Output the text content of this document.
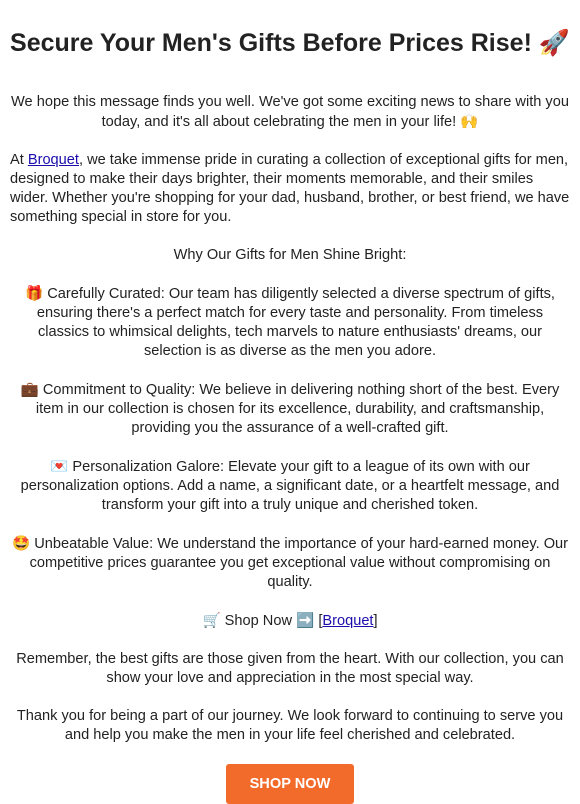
Secure Your Men's Gifts Before Prices Rise! 🚀

We hope this message finds you well. We've got some exciting news to share with you today, and it's all about celebrating the men in your life! 🙌

At Broquet, we take immense pride in curating a collection of exceptional gifts for men, designed to make their days brighter, their moments memorable, and their smiles wider. Whether you're shopping for your dad, husband, brother, or best friend, we have something special in store for you.

Why Our Gifts for Men Shine Bright:

🎁 Carefully Curated: Our team has diligently selected a diverse spectrum of gifts, ensuring there's a perfect match for every taste and personality. From timeless classics to whimsical delights, tech marvels to nature enthusiasts' dreams, our selection is as diverse as the men you adore.

💼 Commitment to Quality: We believe in delivering nothing short of the best. Every item in our collection is chosen for its excellence, durability, and craftsmanship, providing you the assurance of a well-crafted gift.

💌 Personalization Galore: Elevate your gift to a league of its own with our personalization options. Add a name, a significant date, or a heartfelt message, and transform your gift into a truly unique and cherished token.

🤩 Unbeatable Value: We understand the importance of your hard-earned money. Our competitive prices guarantee you get exceptional value without compromising on quality.

🛒 Shop Now ➡️ [Broquet]

Remember, the best gifts are those given from the heart. With our collection, you can show your love and appreciation in the most special way.

Thank you for being a part of our journey. We look forward to continuing to serve you and help you make the men in your life feel cherished and celebrated.

SHOP NOW
